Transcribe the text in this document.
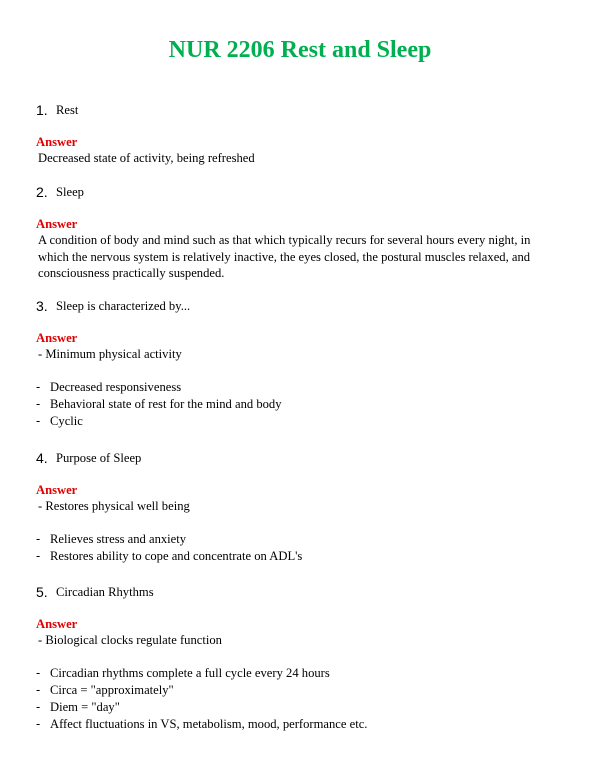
NUR 2206 Rest and Sleep
1. Rest
Answer
Decreased state of activity, being refreshed
2. Sleep
Answer
A condition of body and mind such as that which typically recurs for several hours every night, in
which the nervous system is relatively inactive, the eyes closed, the postural muscles relaxed, and
consciousness practically suspended.
3. Sleep is characterized by...
Answer
- Minimum physical activity
- Decreased responsiveness
- Behavioral state of rest for the mind and body
- Cyclic
4. Purpose of Sleep
Answer
- Restores physical well being
- Relieves stress and anxiety
- Restores ability to cope and concentrate on ADL's
5. Circadian Rhythms
Answer
- Biological clocks regulate function
- Circadian rhythms complete a full cycle every 24 hours
- Circa = "approximately"
- Diem = "day"
- Affect fluctuations in VS, metabolism, mood, performance etc.
